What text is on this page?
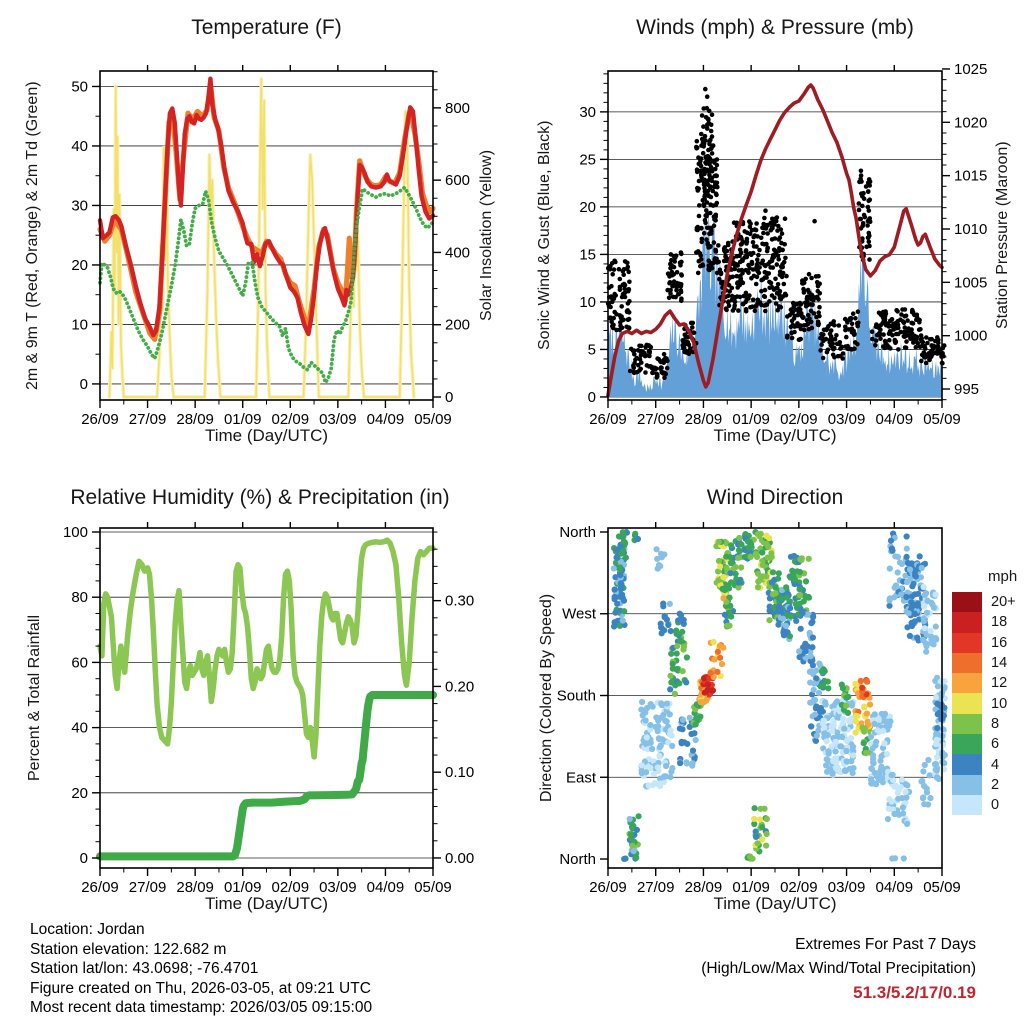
Temperature (F)
2m & 9m T (Red, Orange) & 2m Td (Green)	Solar Insolation (Yellow)
Time (Day/UTC)
0
10
20
30
40
50
0
200
400
600
800
26/09 27/09 28/09 01/09 02/09 03/09 04/09 05/09
Winds (mph) & Pressure (mb)
Sonic Wind & Gust (Blue, Black)	Station Pressure (Maroon)
Time (Day/UTC)
0
5
10
15
20
25
30
995
1000
1005
1010
1015
1020
1025
26/09 27/09 28/09 01/09 02/09 03/09 04/09 05/09
Relative Humidity (%) & Precipitation (in)
Percent & Total Rainfall
Time (Day/UTC)
0
20
40
60
80
100
0.00
0.10
0.20
0.30
26/09 27/09 28/09 01/09 02/09 03/09 04/09 05/09
Wind Direction
Direction (Colored By Speed)
Time (Day/UTC)
North
West
South
East
North
26/09 27/09 28/09 01/09 02/09 03/09 04/09 05/09
mph
20+
18
16
14
12
10
8
6
4
2
0
Location: Jordan
Station elevation: 122.682 m
Station lat/lon: 43.0698; -76.4701
Figure created on Thu, 2026-03-05, at 09:21 UTC
Most recent data timestamp: 2026/03/05 09:15:00
Extremes For Past 7 Days
(High/Low/Max Wind/Total Precipitation)
51.3/5.2/17/0.19
